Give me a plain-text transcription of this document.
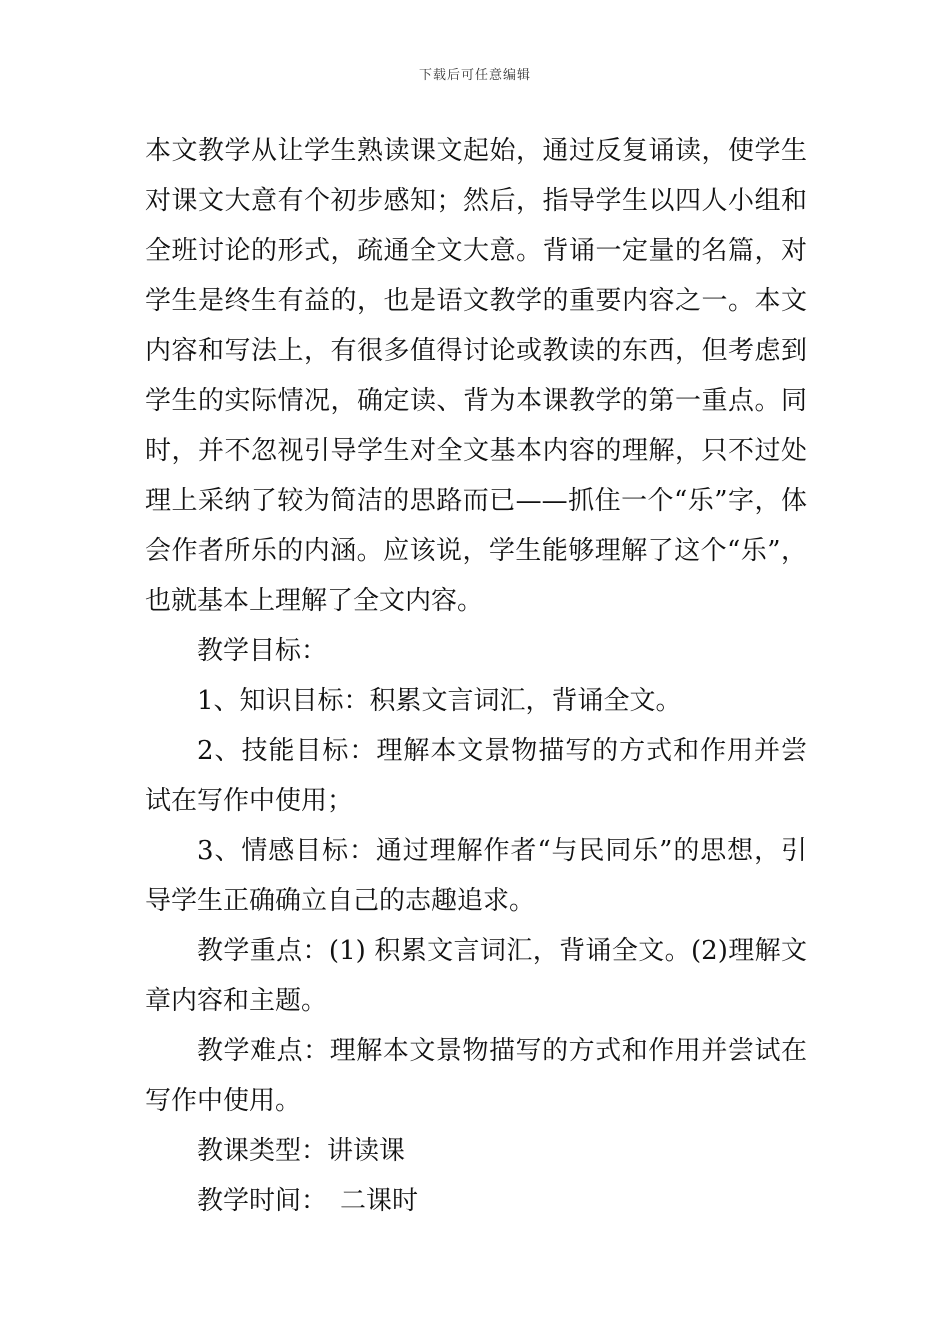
下载后可任意编辑

本文教学从让学生熟读课文起始，通过反复诵读，使学生对课文大意有个初步感知；然后，指导学生以四人小组和全班讨论的形式，疏通全文大意。背诵一定量的名篇，对学生是终生有益的，也是语文教学的重要内容之一。本文内容和写法上，有很多值得讨论或教读的东西，但考虑到学生的实际情况，确定读、背为本课教学的第一重点。同时，并不忽视引导学生对全文基本内容的理解，只不过处理上采纳了较为简洁的思路而已——抓住一个“乐”字，体会作者所乐的内涵。应该说，学生能够理解了这个“乐”，也就基本上理解了全文内容。

教学目标：

1、知识目标：积累文言词汇，背诵全文。

2、技能目标：理解本文景物描写的方式和作用并尝试在写作中使用；

3、情感目标：通过理解作者“与民同乐”的思想，引导学生正确确立自己的志趣追求。

教学重点：(1) 积累文言词汇，背诵全文。(2)理解文章内容和主题。

教学难点：理解本文景物描写的方式和作用并尝试在写作中使用。

教课类型：讲读课

教学时间：　二课时
